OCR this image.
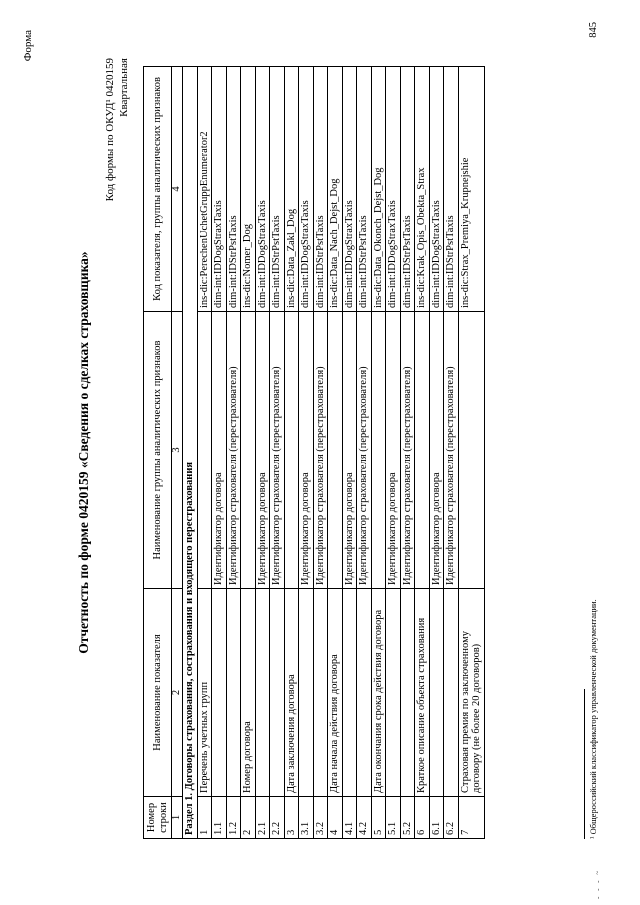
Форма
Отчетность по форме 0420159 «Сведения о сделках страховщика»
Код формы по ОКУД¹ 0420159 Квартальная
Номер строки	Наименование показателя	Наименование группы аналитических признаков	Код показателя, группы аналитических признаков
1	2	3	4
Раздел 1. Договоры страхования, сострахования и входящего перестрахования			
1	Перечень учетных групп		ins-dic:PerechenUchetGruppEnumerator2
1.1		Идентификатор договора	dim-int:IDDogStraxTaxis
1.2		Идентификатор страхователя (перестрахователя)	dim-int:IDStrPstTaxis
2	Номер договора		ins-dic:Nomer_Dog
2.1		Идентификатор договора	dim-int:IDDogStraxTaxis
2.2		Идентификатор страхователя (перестрахователя)	dim-int:IDStrPstTaxis
3	Дата заключения договора		ins-dic:Data_Zakl_Dog
3.1		Идентификатор договора	dim-int:IDDogStraxTaxis
3.2		Идентификатор страхователя (перестрахователя)	dim-int:IDStrPstTaxis
4	Дата начала действия договора		ins-dic:Data_Nach_Dejst_Dog
4.1		Идентификатор договора	dim-int:IDDogStraxTaxis
4.2		Идентификатор страхователя (перестрахователя)	dim-int:IDStrPstTaxis
5	Дата окончания срока действия договора		ins-dic:Data_Okonch_Dejst_Dog
5.1		Идентификатор договора	dim-int:IDDogStraxTaxis
5.2		Идентификатор страхователя (перестрахователя)	dim-int:IDStrPstTaxis
6	Краткое описание объекта страхования		ins-dic:Krak_Opis_Obekta_Strax
6.1		Идентификатор договора	dim-int:IDDogStraxTaxis
6.2		Идентификатор страхователя (перестрахователя)	dim-int:IDStrPstTaxis
7	Страховая премия по заключенному договору (не более 20 договоров)		ins-dic:Strax_Premiya_Krupnejshie
¹ Общероссийский классификатор управленческой документации.
845
- - - ~
